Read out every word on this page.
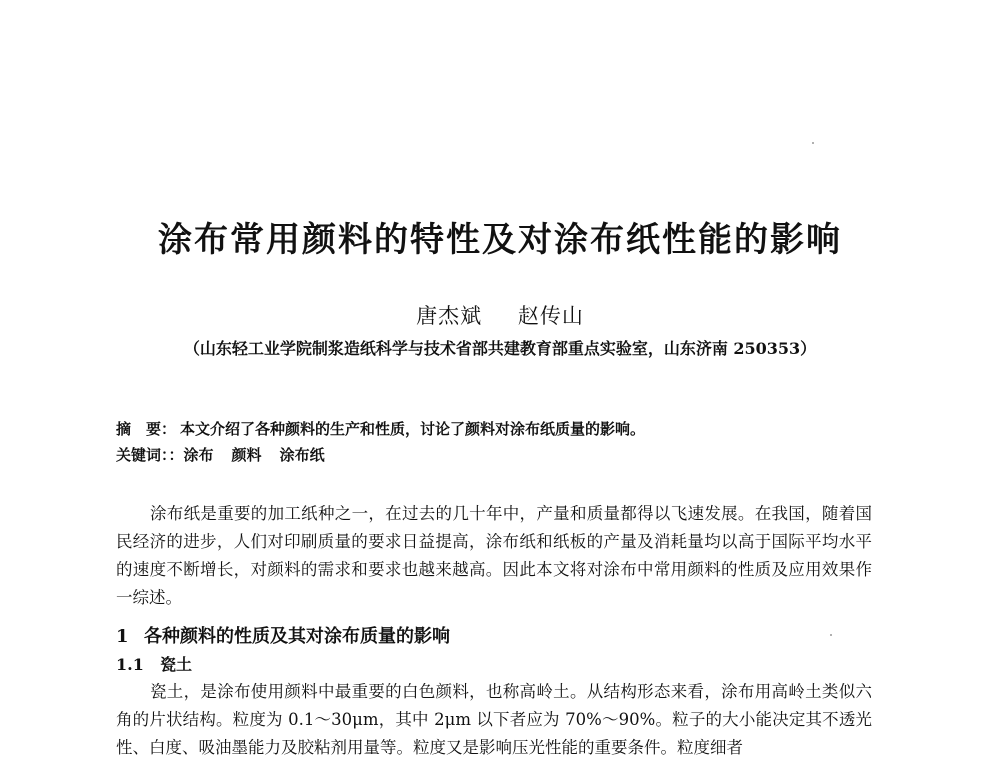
涂布常用颜料的特性及对涂布纸性能的影响
唐杰斌 赵传山
（山东轻工业学院制浆造纸科学与技术省部共建教育部重点实验室，山东济南 250353）
摘　要： 本文介绍了各种颜料的生产和性质，讨论了颜料对涂布纸质量的影响。
关键词：：涂布 颜料 涂布纸
涂布纸是重要的加工纸种之一，在过去的几十年中，产量和质量都得以飞速发展。在我国，随着国民经济的进步，人们对印刷质量的要求日益提高，涂布纸和纸板的产量及消耗量均以高于国际平均水平的速度不断增长，对颜料的需求和要求也越来越高。因此本文将对涂布中常用颜料的性质及应用效果作一综述。
1 各种颜料的性质及其对涂布质量的影响
1.1 瓷土
瓷土，是涂布使用颜料中最重要的白色颜料，也称高岭土。从结构形态来看，涂布用高岭土类似六角的片状结构。粒度为 0.1～30μm，其中 2μm 以下者应为 70%～90%。粒子的大小能决定其不透光性、白度、吸油墨能力及胶粘剂用量等。粒度又是影响压光性能的重要条件。粒度细者
